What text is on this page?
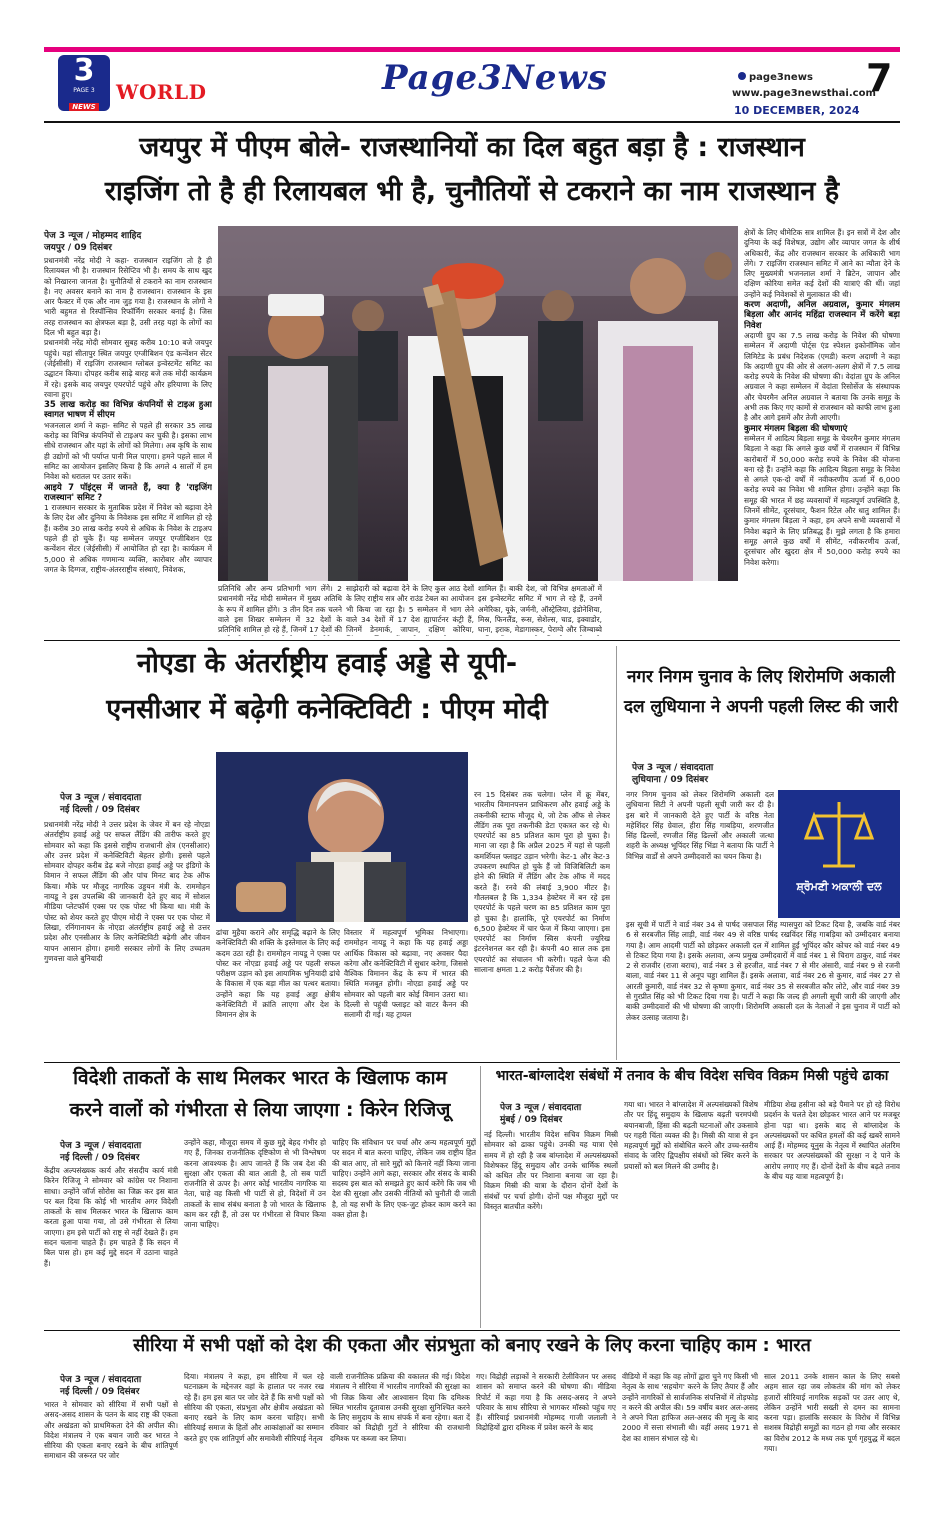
3
PAGE 3
NEWS
WORLD	Page3News	page3news
www.page3newsthai.com
7
10 DECEMBER, 2024
जयपुर में पीएम बोले- राजस्थानियों का दिल बहुत बड़ा है : राजस्थान
राइजिंग तो है ही रिलायबल भी है, चुनौतियों से टकराने का नाम राजस्थान है
पेज 3 न्यूज / मोहम्मद शाहिद
जयपुर / 09 दिसंबर
प्रधानमंत्री नरेंद्र मोदी ने कहा- राजस्थान राइजिंग तो है ही रिलायबल भी है। राजस्थान रिसेप्टिव भी है। समय के साथ खुद को निखारना जानता है। चुनौतियों से टकराने का नाम राजस्थान है। नए अवसर बनाने का नाम है राजस्थान। राजस्थान के इस आर फैक्टर में एक और नाम जुड़ गया है। राजस्थान के लोगों ने भारी बहुमत से रिस्पॉन्सिव रिफॉर्मिंग सरकार बनाई है। जिस तरह राजस्थान का क्षेत्रफल बड़ा है, उसी तरह यहां के लोगों का दिल भी बहुत बड़ा है।
प्रधानमंत्री नरेंद्र मोदी सोमवार सुबह करीब 10:10 बजे जयपुर पहुंचे। यहां सीतापुर स्थित जयपुर एग्जीबिशन एंड कन्वेंशन सेंटर (जेईसीसी) में राइजिंग राजस्थान ग्लोबल इन्वेस्टमेंट समिट का उद्घाटन किया। दोपहर करीब साढ़े बारह बजे तक मोदी कार्यक्रम में रहे। इसके बाद जयपुर एयरपोर्ट पहुंचे और हरियाणा के लिए रवाना हुए।
35 लाख करोड़ का विभिन्न कंपनियों से टाइअ हुआ स्वागत भाषण में सीएम
भजनलाल शर्मा ने कहा- समिट से पहले ही सरकार 35 लाख करोड़ का विभिन्न कंपनियों से टाइअप कर चुकी है। इसका लाभ सीधे राजस्थान और यहां के लोगों को मिलेगा। अब कृषि के साथ ही उद्योगों को भी पर्याप्त पानी मिल पाएगा। हमने पहले साल में समिट का आयोजन इसलिए किया है कि अगले 4 सालों में हम निवेश को धरातल पर उतार सकें।
आइये 7 पॉइंट्स में जानते हैं, क्या है 'राइजिंग राजस्थान' समिट ?
1 राजस्थान सरकार के मुताबिक प्रदेश में निवेश को बढ़ावा देने के लिए देश और दुनिया के निवेशक इस समिट में शामिल हो रहे हैं। करीब 30 लाख करोड़ रुपये से अधिक के निवेश के टाइअप पहले ही हो चुके हैं। यह सम्मेलन जयपुर एग्जीबिशन एंड कन्वेंशन सेंटर (जेईसीसी) में आयोजित हो रहा है। कार्यक्रम में 5,000 से अधिक गणमान्य व्यक्ति, कारोबार और व्यापार जगत के दिग्गज, राष्ट्रीय-अंतरराष्ट्रीय संस्थाएं, निवेशक,
क्षेत्रों के लिए थीमेटिक सत्र शामिल हैं। इन सत्रों में देश और दुनिया के कई विशेषज्ञ, उद्योग और व्यापार जगत के शीर्ष अधिकारी, केंद्र और राजस्थान सरकार के अधिकारी भाग लेंगे। 7 राइजिंग राजस्थान समिट में आने का न्यौता देने के लिए मुख्यमंत्री भजनलाल शर्मा ने ब्रिटेन, जापान और दक्षिण कोरिया समेत कई देशों की यात्राएं की थीं। जहां उन्होंने कई निवेशकों से मुलाकात की थी।
करण अदाणी, अनिल अग्रवाल, कुमार मंगलम बिड़ला और आनंद महिंद्रा राजस्थान में करेंगे बड़ा निवेश
अदाणी ग्रुप का 7.5 लाख करोड़ के निवेश की घोषणा सम्मेलन में अदाणी पोर्ट्स एंड स्पेशल इकोनॉमिक जोन लिमिटेड के प्रबंध निदेशक (एमडी) करण अदाणी ने कहा कि अदाणी ग्रुप की ओर से अलग-अलग क्षेत्रों में 7.5 लाख करोड़ रुपये के निवेश की घोषणा की। वेदांता ग्रुप के अनिल अग्रवाल ने कहा सम्मेलन में वेदांता रिसोर्सेज के संस्थापक और चेयरमैन अनिल अग्रवाल ने बताया कि उनके समूह के अभी तक किए गए कामों से राजस्थान को काफी लाभ हुआ है और आगे इसमें और तेजी आएगी।
कुमार मंगलम बिड़ला की घोषणाएं
सम्मेलन में आदित्य बिड़ला समूह के चेयरमैन कुमार मंगलम बिड़ला ने कहा कि अगले कुछ वर्षों में राजस्थान में विभिन्न कारोबारों में 50,000 करोड़ रुपये के निवेश की योजना बना रहे हैं। उन्होंने कहा कि आदित्य बिड़ला समूह के निवेश से अगले एक-दो वर्षों में नवीकरणीय ऊर्जा में 6,000 करोड़ रुपये का निवेश भी शामिल होगा। उन्होंने कहा कि समूह की भारत में छह व्यवसायों में महत्वपूर्ण उपस्थिति है, जिनमें सीमेंट, दूरसंचार, फैशन रिटेल और धातु शामिल हैं। कुमार मंगलम बिड़ला ने कहा, हम अपने सभी व्यवसायों में निवेश बढ़ाने के लिए प्रतिबद्ध हैं। मुझे लगता है कि हमारा समूह अगले कुछ वर्षों में सीमेंट, नवीकरणीय ऊर्जा, दूरसंचार और खुदरा क्षेत्र में 50,000 करोड़ रुपये का निवेश करेगा।
प्रतिनिधि और अन्य प्रतिभागी भाग लेंगे। 2 प्रधानमंत्री नरेंद्र मोदी सम्मेलन में मुख्य अतिथि के रूप में शामिल होंगे। 3 तीन दिन तक चलने वाले इस शिखर सम्मेलन में 32 देशों के प्रतिनिधि शामिल हो रहे हैं, जिनमें 17 देशों की
साझेदारी को बढ़ावा देने के लिए कुल आठ देशों के लिए राष्ट्रीय सत्र और राउंड टेबल का आयोजन भी किया जा रहा है। 5 सम्मेलन में भाग लेने वाले 34 देशों में 17 देश ह्यापार्टनर कंट्री हैं, जिनमें डेनमार्क, जापान, दक्षिण कोरिया,
शामिल हैं। बाकी देश, जो विभिन्न क्षमताओं में इस इन्वेस्टमेंट समिट में भाग ले रहे हैं, उनमें अमेरिका, यूके, जर्मनी, ऑस्ट्रेलिया, इंडोनेशिया, मिस्र, फिनलैंड, रूस, सेशेल्स, चाड, इक्वाडोर, घाना, इराक, मेडागास्कर, पेराग्वे और जिम्बाब्वे
नोएडा के अंतर्राष्ट्रीय हवाई अड्डे से यूपी-
एनसीआर में बढ़ेगी कनेक्टिविटी : पीएम मोदी
पेज 3 न्यूज / संवाददाता
नई दिल्ली / 09 दिसंबर
प्रधानमंत्री नरेंद्र मोदी ने उत्तर प्रदेश के जेवर में बन रहे नोएडा अंतर्राष्ट्रीय हवाई अड्डे पर सफल लैंडिंग की तारीफ करते हुए सोमवार को कहा कि इससे राष्ट्रीय राजधानी क्षेत्र (एनसीआर) और उत्तर प्रदेश में कनेक्टिविटी बेहतर होगी। इससे पहले सोमवार दोपहर करीब डेढ़ बजे नोएडा हवाई अड्डे पर इंडिगो के विमान ने सफल लैंडिंग की और पांच मिनट बाद टेक ऑफ किया। मौके पर मौजूद नागरिक उड्डयन मंत्री के. राममोहन नायडू ने इस उपलब्धि की जानकारी देते हुए बाद में सोशल मीडिया प्लेटफॉर्म एक्स पर एक पोस्ट भी किया था। मंत्री के पोस्ट को शेयर करते हुए पीएम मोदी ने एक्स पर एक पोस्ट में लिखा, रनिंगानायन के नोएडा अंतर्राष्ट्रीय हवाई अड्डे से उत्तर प्रदेश और एनसीआर के लिए कनेक्टिविटी बढ़ेगी और जीवन यापन आसान होगा। हमारी सरकार लोगों के लिए उच्चतम गुणवत्ता वाले बुनियादी
ढांचा मुहैया कराने और समृद्धि बढ़ाने के लिए कनेक्टिविटी की शक्ति के इस्तेमाल के लिए कई कदम उठा रही है। राममोहन नायडू ने एक्स पर पोस्ट कर नोएडा हवाई अड्डे पर पहली सफल परीक्षण उड़ान को इस आयामिक भुनियादी ढांचे के विकास में एक बड़ा मील का पत्थर बताया। उन्होंने कहा कि यह हवाई अड्डा क्षेत्रीय कनेक्टिविटी में क्रांति लाएगा और देश के विमानन क्षेत्र के
विस्तार में महत्वपूर्ण भूमिका निभाएगा। राममोहन नायडू ने कहा कि यह हवाई अड्डा आर्थिक विकास को बढ़ावा, नए अवसर पैदा करेगा और कनेक्टिविटी में सुधार करेगा, जिससे वैश्विक विमानन केंद्र के रूप में भारत की स्थिति मजबूत होगी। नोएडा हवाई अड्डे पर सोमवार को पहली बार कोई विमान उतरा था। दिल्ली से पहुंची फ्लाइट को वाटर कैनन की सलामी दी गई। यह ट्रायल
रन 15 दिसंबर तक चलेगा। प्लेन में क्रू मेंबर, भारतीय विमानपत्तन प्राधिकरण और हवाई अड्डे के तकनीकी स्टाफ मौजूद थे, जो टेक ऑफ से लेकर लैंडिंग तक पूरा तकनीकी डेटा एकत्रत कर रहे थे। एयरपोर्ट का 85 प्रतिशत काम पूरा हो चुका है। माना जा रहा है कि अप्रैल 2025 में यहां से पहली कमर्शियल फ्लाइट उड़ान भरेगी। केट-1 और केट-3 उपकरण स्थापित हो चुके हैं जो विजिबिलिटी कम होने की स्थिति में लैंडिंग और टेक ऑफ में मदद करते हैं। रनवे की लंबाई 3,900 मीटर है। गौतलबल है कि 1,334 हेक्टेयर में बन रहे इस एयरपोर्ट के पहले चरण का 85 प्रतिशत काम पूरा हो चुका है। हालांकि, पूरे एयरपोर्ट का निर्माण 6,500 हेक्टेयर में चार फेज में किया जाएगा। इस एयरपोर्ट का निर्माण स्विस कंपनी ज्यूरिख इंटरनेशनल कर रही है। कंपनी 40 साल तक इस एयरपोर्ट का संचालन भी करेगी। पहले फेज की सालाना क्षमता 1.2 करोड़ पैसेंजर की है।
नगर निगम चुनाव के लिए शिरोमणि अकाली
दल लुधियाना ने अपनी पहली लिस्ट की जारी
पेज 3 न्यूज / संवाददाता
लुधियाना / 09 दिसंबर
नगर निगम चुनाव को लेकर शिरोमणि अकाली दल लुधियाना सिटी ने अपनी पहली सूची जारी कर दी है। इस बारे में जानकारी देते हुए पार्टी के वरिष्ठ नेता महेशिंदर सिंह ग्रेवाल, हीरा सिंह गाबड़िया, शरणजीत सिंह ढिल्लों, रणजीत सिंह ढिल्लों और अकाली जत्था शहरी के अध्यक्ष भूपिंदर सिंह भिंडा ने बताया कि पार्टी ने विभिन्न वार्डों से अपने उम्मीदवारों का चयन किया है।
ਸ਼੍ਰੋਮਣੀ ਅਕਾਲੀ ਦਲ
इस सूची में पार्टी ने वार्ड नंबर 34 से पार्षद जसपाल सिंह ग्यासपुरा को टिकट दिया है, जबकि वार्ड नंबर 6 से सरबजीत सिंह लाड़ी, वार्ड नंबर 49 से वरिष्ठ पार्षद रखविंदर सिंह गाबड़िया को उम्मीदवार बनाया गया है। आम आदमी पार्टी को छोड़कर अकाली दल में शामिल हुईं भूपिंदर कौर कोचर को वार्ड नंबर 49 से टिकट दिया गया है। इसके अलावा, अन्य प्रमुख उम्मीदवारों में वार्ड नंबर 1 से चिराग ठाकुर, वार्ड नंबर 2 से राजवीर (राजा बराच), वार्ड नंबर 3 से हरजीत, वार्ड नंबर 7 से मीर अंसारी, वार्ड नंबर 9 से रजनी बाला, वार्ड नंबर 11 से अनूप चड्डा शामिल हैं। इसके अलावा, वार्ड नंबर 26 से कुमार, वार्ड नंबर 27 से आरती कुमारी, वार्ड नंबर 32 से कृष्णा कुमार, वार्ड नंबर 35 से सरबजीत कौर लोटे, और वार्ड नंबर 39 से गुरप्रीत सिंह को भी टिकट दिया गया है। पार्टी ने कहा कि जल्द ही अगली सूची जारी की जाएगी और बाकी उम्मीदवारों की भी घोषणा की जाएगी। शिरोमणि अकाली दल के नेताओं ने इस चुनाव में पार्टी को लेकर उत्साह जताया है।
विदेशी ताकतों के साथ मिलकर भारत के खिलाफ काम
करने वालों को गंभीरता से लिया जाएगा : किरेन रिजिजू
पेज 3 न्यूज / संवाददाता
नई दिल्ली / 09 दिसंबर
केंद्रीय अल्पसंख्यक कार्य और संसदीय कार्य मंत्री किरेन रिजिजू ने सोमवार को कांग्रेस पर निशाना साधा। उन्होंने जॉर्ज सोरोस का जिक्र कर इस बात पर बल दिया कि कोई भी भारतीय अगर विदेशी ताकतों के साथ मिलकर भारत के खिलाफ काम करता हुआ पाया गया, तो उसे गंभीरता से लिया जाएगा। हम इसे पार्टी को राष्ट्र से नहीं देखते हैं। हम सदन चलाना चाहते हैं। हम चाहते हैं कि सदन में बिल पास हो। हम कई मुद्दे सदन में उठाना चाहते हैं।
उन्होंने कहा, मौजूदा समय में कुछ मुद्दे बेहद गंभीर हो गए हैं, जिनका राजनीतिक दृष्टिकोण से भी विश्लेषण करना आवश्यक है। आप जानते हैं कि जब देश की सुरक्षा और एकता की बात आती है, तो सब पार्टी राजनीति से ऊपर है। अगर कोई भारतीय नागरिक या नेता, चाहे वह किसी भी पार्टी से हो, विदेशों में उन ताकतों के साथ संबंध बनाता है जो भारत के खिलाफ काम कर रही हैं, तो उस पर गंभीरता से विचार किया जाना चाहिए।
चाहिए कि संविधान पर चर्चा और अन्य महत्वपूर्ण मुद्दों पर सदन में बात करना चाहिए, लेकिन जब राष्ट्रीय हित की बात आए, तो सारे मुद्दों को किनारे नहीं किया जाना चाहिए। उन्होंने आगे कहा, सरकार और संसद के बाकी सदस्य इस बात को समझते हुए कार्य करेंगे कि जब भी देश की सुरक्षा और उसकी नीतियों को चुनौती दी जाती है, तो यह सभी के लिए एक-जुट होकर काम करने का वक्त होता है।
भारत-बांग्लादेश संबंधों में तनाव के बीच विदेश सचिव विक्रम मिस्री पहुंचे ढाका
पेज 3 न्यूज / संवाददाता
मुंबई / 09 दिसंबर
नई दिल्ली। भारतीय विदेश सचिव विक्रम मिस्री सोमवार को ढाका पहुंचे। उनकी यह यात्रा ऐसे समय में हो रही है जब बांग्लादेश में अल्पसंख्यकों विशेषकर हिंदू समुदाय और उनके धार्मिक स्थलों को कथित तौर पर निशाना बनाया जा रहा है। विक्रम मिस्री की यात्रा के दौरान दोनों देशों के संबंधों पर चर्चा होगी। दोनों पक्ष मौजूदा मुद्दों पर विस्तृत बातचीत करेंगे।
गया था। भारत ने बांग्लादेश में अल्पसंख्यकों विशेष तौर पर हिंदू समुदाय के खिलाफ बढ़ती चरमपंथी बयानबाजी, हिंसा की बढ़ती घटनाओं और उकसावे पर गहरी चिंता व्यक्त की है। मिस्री की यात्रा से इन महत्वपूर्ण मुद्दों को संबोधित करने और उच्च-स्तरीय संवाद के जरिए द्विपक्षीय संबंधों को स्थिर करने के प्रयासों को बल मिलने की उम्मीद है।
मीडिया शेख हसीना को बड़े पैमाने पर हो रहे विरोध प्रदर्शन के चलते देश छोड़कर भारत आने पर मजबूर होना पड़ा था। इसके बाद से बांग्लादेश के अल्पसंख्यकों पर कथित हमलों की कई खबरें सामने आई हैं। मोहम्मद यूनुस के नेतृत्व में स्थापित अंतरिम सरकार पर अल्पसंख्यकों की सुरक्षा न दे पाने के आरोप लगाए गए हैं। दोनों देशों के बीच बढ़ते तनाव के बीच यह यात्रा महत्वपूर्ण है।
सीरिया में सभी पक्षों को देश की एकता और संप्रभुता को बनाए रखने के लिए करना चाहिए काम : भारत
पेज 3 न्यूज / संवाददाता
नई दिल्ली / 09 दिसंबर
भारत ने सोमवार को सीरिया में सभी पक्षों से असद-असद शासन के पतन के बाद राष्ट्र की एकता और अखंडता को प्राथमिकता देने की अपील की। विदेश मंत्रालय ने एक बयान जारी कर भारत ने सीरिया की एकता बनाए रखने के बीच शांतिपूर्ण समाधान की जरूरत पर जोर
दिया। मंत्रालय ने कहा, हम सीरिया में चल रहे घटनाक्रम के मद्देनजर वहां के हालात पर नजर रख रहे हैं। हम इस बात पर जोर देते हैं कि सभी पक्षों को सीरिया की एकता, संप्रभुता और क्षेत्रीय अखंडता को बनाए रखने के लिए काम करना चाहिए। सभी सीरियाई समाज के हितों और आकांक्षाओं का सम्मान करते हुए एक शांतिपूर्ण और समावेशी सीरियाई नेतृत्व
वाली राजनीतिक प्रक्रिया की वकालत की गई। विदेश मंत्रालय ने सीरिया में भारतीय नागरिकों की सुरक्षा का भी जिक्र किया और आश्वासन दिया कि दमिश्क स्थित भारतीय दूतावास उनकी सुरक्षा सुनिश्चित करने के लिए समुदाय के साथ संपर्क में बना रहेगा। बता दें रविवार को विद्रोही गुटों ने सीरिया की राजधानी दमिश्क पर कब्जा कर लिया।
गए। विद्रोही लड़ाकों ने सरकारी टेलीविजन पर असद शासन को समाप्त करने की घोषणा की। मीडिया रिपोर्ट में कहा गया है कि असद-असद ने अपने परिवार के साथ सीरिया से भागकर मॉस्को पहुंच गए हैं। सीरियाई प्रधानमंत्री मोहम्मद गाजी जलाली ने विद्रोहियों द्वारा दमिश्क में प्रवेश करने के बाद
वीडियो में कहा कि वह लोगों द्वारा चुने गए किसी भी नेतृत्व के साथ 'सहयोग' करने के लिए तैयार हैं और उन्होंने नागरिकों से सार्वजनिक संपत्तियों में तोड़फोड़ न करने की अपील की। 59 वर्षीय बशर अल-असद ने अपने पिता हाफिज अल-असद की मृत्यु के बाद 2000 में सत्ता संभाली थी। वहीं असद 1971 से देश का शासन संभाल रहे थे।
साल 2011 उनके शासन काल के लिए सबसे अहम साल रहा जब लोकतंत्र की मांग को लेकर हजारों सीरियाई नागरिक सड़कों पर उतर आए थे, लेकिन उन्होंने भारी सख्ती से दमन का सामना करना पड़ा। हालांकि सरकार के विरोध में विभिन्न सशस्त्र विद्रोही समूहों का गठन हो गया और सरकार का विरोध 2012 के मध्य तक पूर्ण गृहयुद्ध में बदल गया।
